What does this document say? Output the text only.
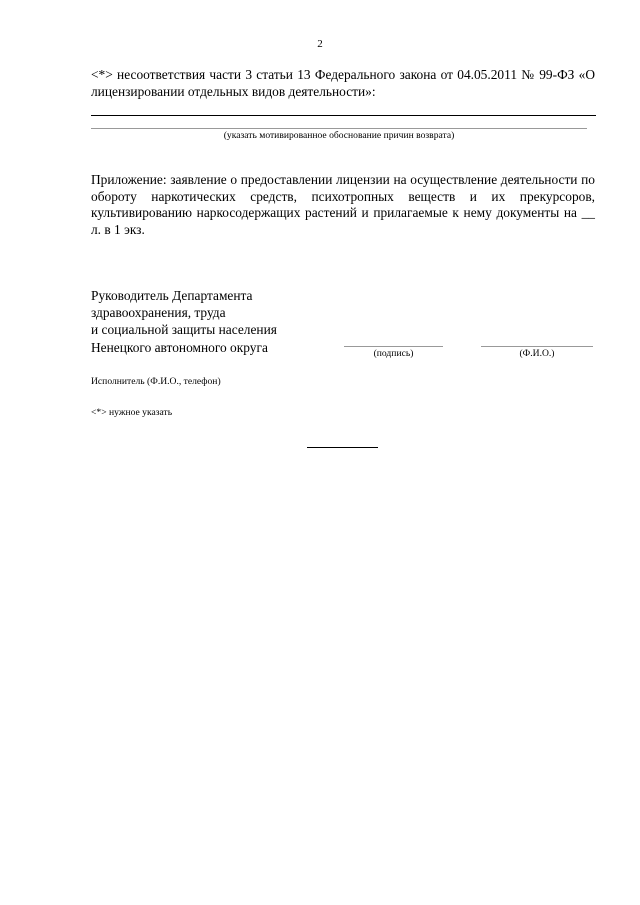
2
<*> несоответствия части 3 статьи 13 Федерального закона от 04.05.2011 № 99-ФЗ «О лицензировании отдельных видов деятельности»:
(указать мотивированное обоснование причин возврата)
Приложение: заявление о предоставлении лицензии на осуществление деятельности по обороту наркотических средств, психотропных веществ и их прекурсоров, культивированию наркосодержащих растений и прилагаемые к нему документы на __ л. в 1 экз.
Руководитель Департамента
здравоохранения, труда
и социальной защиты населения
Ненецкого автономного округа	(подпись)	(Ф.И.О.)
Исполнитель (Ф.И.О., телефон)
<*> нужное указать
